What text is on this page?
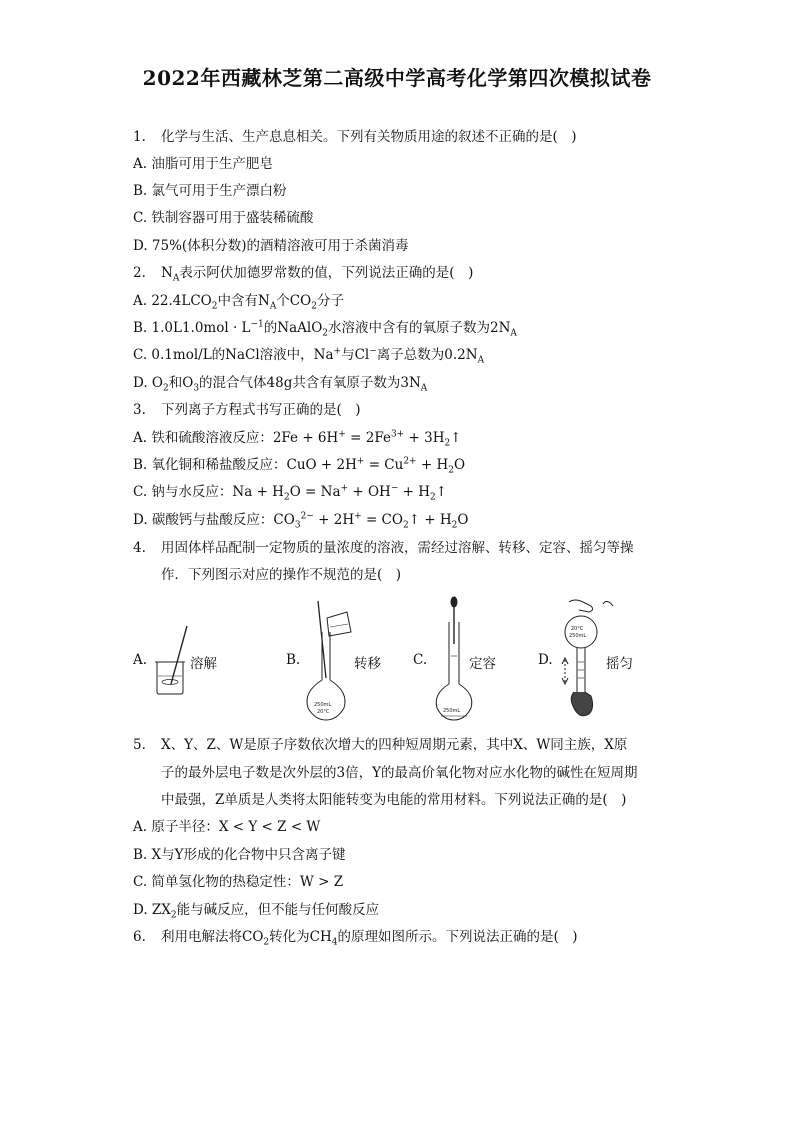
2022年西藏林芝第二高级中学高考化学第四次模拟试卷
1. 化学与生活、生产息息相关。下列有关物质用途的叙述不正确的是(　)
A. 油脂可用于生产肥皂
B. 氯气可用于生产漂白粉
C. 铁制容器可用于盛装稀硫酸
D. 75%(体积分数)的酒精溶液可用于杀菌消毒
2. $N_A$表示阿伏加德罗常数的值，下列说法正确的是(　)
A. $22.4LCO_2$中含有$N_A$个$CO_2$分子
B. $1.0L1.0mol \cdot L^{-1}$的NaAlO$_2$水溶液中含有的氧原子数为$2N_A$
C. 0.1mol/L的NaCl溶液中，Na+与Cl−离子总数为$0.2N_A$
D. $O_2$和$O_3$的混合气体48g共含有氧原子数为$3N_A$
3. 下列离子方程式书写正确的是(　)
A. 铁和硫酸溶液反应：$2Fe + 6H^+ = 2Fe^{3+}$ + $3H_2↑$
B. 氧化铜和稀盐酸反应：CuO + $2H^+ = Cu^{2+} + H_2O$
C. 钠与水反应：$Na + H_2O = Na^+ + OH^-$ + $H_2↑$
D. 碳酸钙与盐酸反应：$CO_3^{2-} + 2H^+$ = $CO_2↑ + H_2O$
4. 用固体样品配制一定物质的量浓度的溶液，需经过溶解、转移、定容、摇匀等操
作．下列图示对应的操作不规范的是(　)
A.	溶解	B.	转移 C.	定容	D.	摇匀
250mL
20°C	250mL
20°C
250mL
5. X、Y、Z、W是原子序数依次增大的四种短周期元素，其中X、W同主族，X原
子的最外层电子数是次外层的3倍，Y的最高价氧化物对应水化物的碱性在短周期
中最强，Z单质是人类将太阳能转变为电能的常用材料。下列说法正确的是(　)
A. 原子半径：X < Y < Z < W
B. X与Y形成的化合物中只含离子键
C. 简单氢化物的热稳定性：W > Z
D. $ZX_2$能与碱反应，但不能与任何酸反应
6. 利用电解法将$CO_2$转化为$CH_4$的原理如图所示。下列说法正确的是(　)
